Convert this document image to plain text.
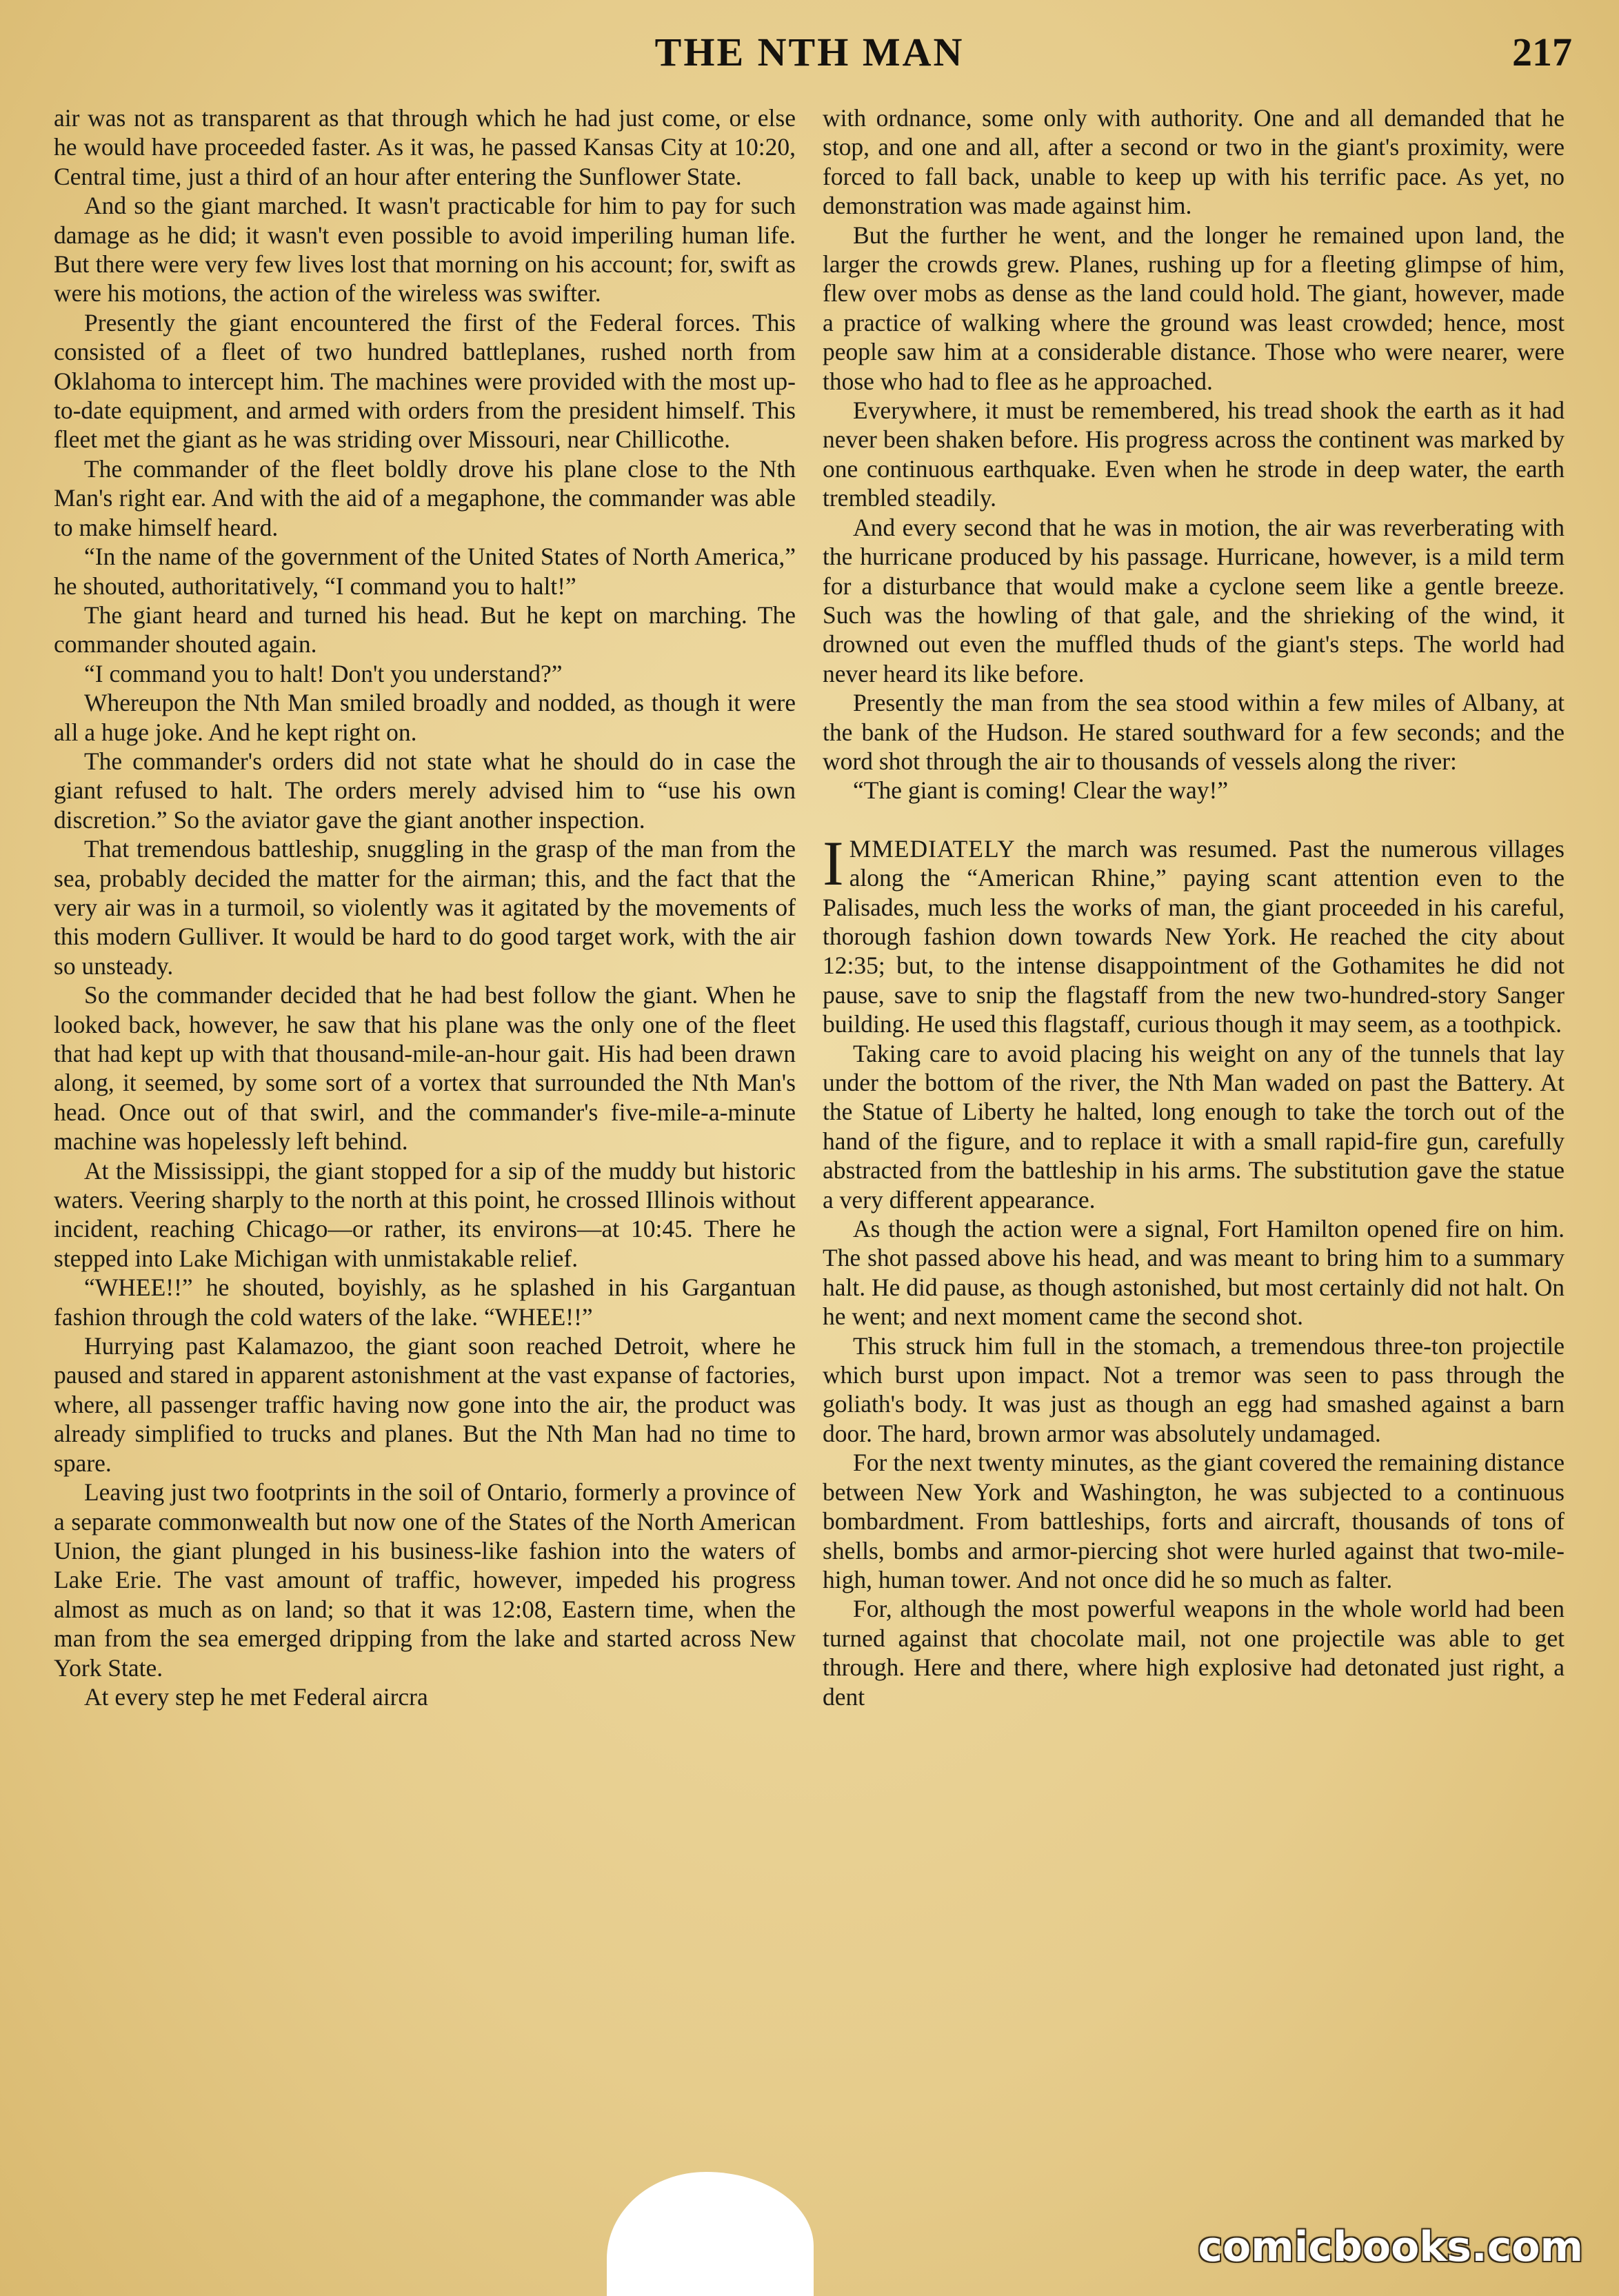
THE NTH MAN	217

air was not as transparent as that through which he had just come, or else he would have proceeded faster. As it was, he passed Kansas City at 10:20, Central time, just a third of an hour after entering the Sunflower State.

And so the giant marched. It wasn't practicable for him to pay for such damage as he did; it wasn't even possible to avoid imperiling human life. But there were very few lives lost that morning on his account; for, swift as were his motions, the action of the wireless was swifter.

Presently the giant encountered the first of the Federal forces. This consisted of a fleet of two hundred battleplanes, rushed north from Oklahoma to intercept him. The machines were provided with the most up-to-date equipment, and armed with orders from the president himself. This fleet met the giant as he was striding over Missouri, near Chillicothe.

The commander of the fleet boldly drove his plane close to the Nth Man's right ear. And with the aid of a megaphone, the commander was able to make himself heard.

“In the name of the government of the United States of North America,” he shouted, authoritatively, “I command you to halt!”

The giant heard and turned his head. But he kept on marching. The commander shouted again.

“I command you to halt! Don't you understand?”

Whereupon the Nth Man smiled broadly and nodded, as though it were all a huge joke. And he kept right on.

The commander's orders did not state what he should do in case the giant refused to halt. The orders merely advised him to “use his own discretion.” So the aviator gave the giant another inspection.

That tremendous battleship, snuggling in the grasp of the man from the sea, probably decided the matter for the airman; this, and the fact that the very air was in a turmoil, so violently was it agitated by the movements of this modern Gulliver. It would be hard to do good target work, with the air so unsteady.

So the commander decided that he had best follow the giant. When he looked back, however, he saw that his plane was the only one of the fleet that had kept up with that thousand-mile-an-hour gait. His had been drawn along, it seemed, by some sort of a vortex that surrounded the Nth Man's head. Once out of that swirl, and the commander's five-mile-a-minute machine was hopelessly left behind.

At the Mississippi, the giant stopped for a sip of the muddy but historic waters. Veering sharply to the north at this point, he crossed Illinois without incident, reaching Chicago—or rather, its environs—at 10:45. There he stepped into Lake Michigan with unmistakable relief.

“WHEE!!” he shouted, boyishly, as he splashed in his Gargantuan fashion through the cold waters of the lake. “WHEE!!”

Hurrying past Kalamazoo, the giant soon reached Detroit, where he paused and stared in apparent astonishment at the vast expanse of factories, where, all passenger traffic having now gone into the air, the product was already simplified to trucks and planes. But the Nth Man had no time to spare.

Leaving just two footprints in the soil of Ontario, formerly a province of a separate commonwealth but now one of the States of the North American Union, the giant plunged in his business-like fashion into the waters of Lake Erie. The vast amount of traffic, however, impeded his progress almost as much as on land; so that it was 12:08, Eastern time, when the man from the sea emerged dripping from the lake and started across New York State.

At every step he met Federal aircra

with ordnance, some only with authority. One and all demanded that he stop, and one and all, after a second or two in the giant's proximity, were forced to fall back, unable to keep up with his terrific pace. As yet, no demonstration was made against him.

But the further he went, and the longer he remained upon land, the larger the crowds grew. Planes, rushing up for a fleeting glimpse of him, flew over mobs as dense as the land could hold. The giant, however, made a practice of walking where the ground was least crowded; hence, most people saw him at a considerable distance. Those who were nearer, were those who had to flee as he approached.

Everywhere, it must be remembered, his tread shook the earth as it had never been shaken before. His progress across the continent was marked by one continuous earthquake. Even when he strode in deep water, the earth trembled steadily.

And every second that he was in motion, the air was reverberating with the hurricane produced by his passage. Hurricane, however, is a mild term for a disturbance that would make a cyclone seem like a gentle breeze. Such was the howling of that gale, and the shrieking of the wind, it drowned out even the muffled thuds of the giant's steps. The world had never heard its like before.

Presently the man from the sea stood within a few miles of Albany, at the bank of the Hudson. He stared southward for a few seconds; and the word shot through the air to thousands of vessels along the river:

“The giant is coming! Clear the way!”

IMMEDIATELY the march was resumed. Past the numerous villages along the “American Rhine,” paying scant attention even to the Palisades, much less the works of man, the giant proceeded in his careful, thorough fashion down towards New York. He reached the city about 12:35; but, to the intense disappointment of the Gothamites he did not pause, save to snip the flagstaff from the new two-hundred-story Sanger building. He used this flagstaff, curious though it may seem, as a toothpick.

Taking care to avoid placing his weight on any of the tunnels that lay under the bottom of the river, the Nth Man waded on past the Battery. At the Statue of Liberty he halted, long enough to take the torch out of the hand of the figure, and to replace it with a small rapid-fire gun, carefully abstracted from the battleship in his arms. The substitution gave the statue a very different appearance.

As though the action were a signal, Fort Hamilton opened fire on him. The shot passed above his head, and was meant to bring him to a summary halt. He did pause, as though astonished, but most certainly did not halt. On he went; and next moment came the second shot.

This struck him full in the stomach, a tremendous three-ton projectile which burst upon impact. Not a tremor was seen to pass through the goliath's body. It was just as though an egg had smashed against a barn door. The hard, brown armor was absolutely undamaged.

For the next twenty minutes, as the giant covered the remaining distance between New York and Washington, he was subjected to a continuous bombardment. From battleships, forts and aircraft, thousands of tons of shells, bombs and armor-piercing shot were hurled against that two-mile-high, human tower. And not once did he so much as falter.

For, although the most powerful weapons in the whole world had been turned against that chocolate mail, not one projectile was able to get through. Here and there, where high explosive had detonated just right, a dent

comicbooks.com
